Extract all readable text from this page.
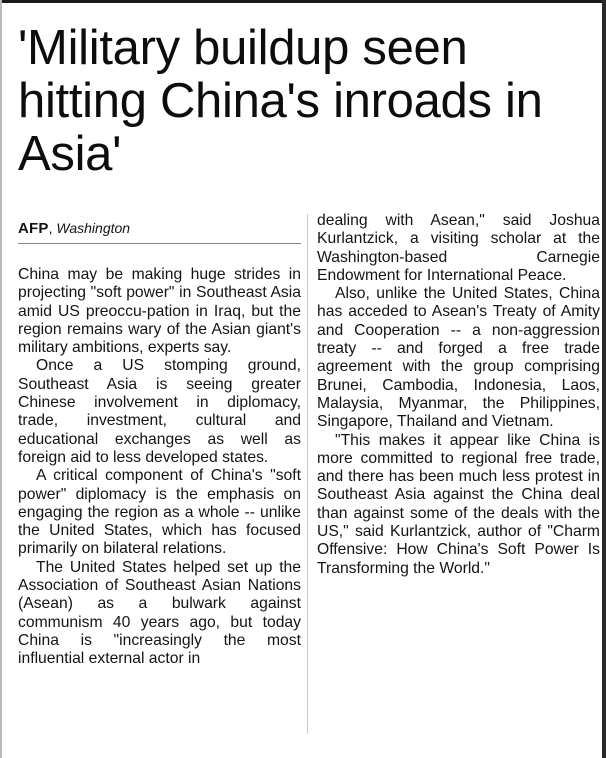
'Military buildup seen hitting China's inroads in Asia'
AFP, Washington

China may be making huge strides in projecting "soft power" in Southeast Asia amid US preoccu-pation in Iraq, but the region remains wary of the Asian giant's military ambitions, experts say.

Once a US stomping ground, Southeast Asia is seeing greater Chinese involvement in diplomacy, trade, investment, cultural and educational exchanges as well as foreign aid to less developed states.

A critical component of China's "soft power" diplomacy is the emphasis on engaging the region as a whole -- unlike the United States, which has focused primarily on bilateral relations.

The United States helped set up the Association of Southeast Asian Nations (Asean) as a bulwark against communism 40 years ago, but today China is "increasingly the most influential external actor in

dealing with Asean," said Joshua Kurlantzick, a visiting scholar at the Washington-based Carnegie Endowment for International Peace.

Also, unlike the United States, China has acceded to Asean's Treaty of Amity and Cooperation -- a non-aggression treaty -- and forged a free trade agreement with the group comprising Brunei, Cambodia, Indonesia, Laos, Malaysia, Myanmar, the Philippines, Singapore, Thailand and Vietnam.

"This makes it appear like China is more committed to regional free trade, and there has been much less protest in Southeast Asia against the China deal than against some of the deals with the US," said Kurlantzick, author of "Charm Offensive: How China's Soft Power Is Transforming the World."
